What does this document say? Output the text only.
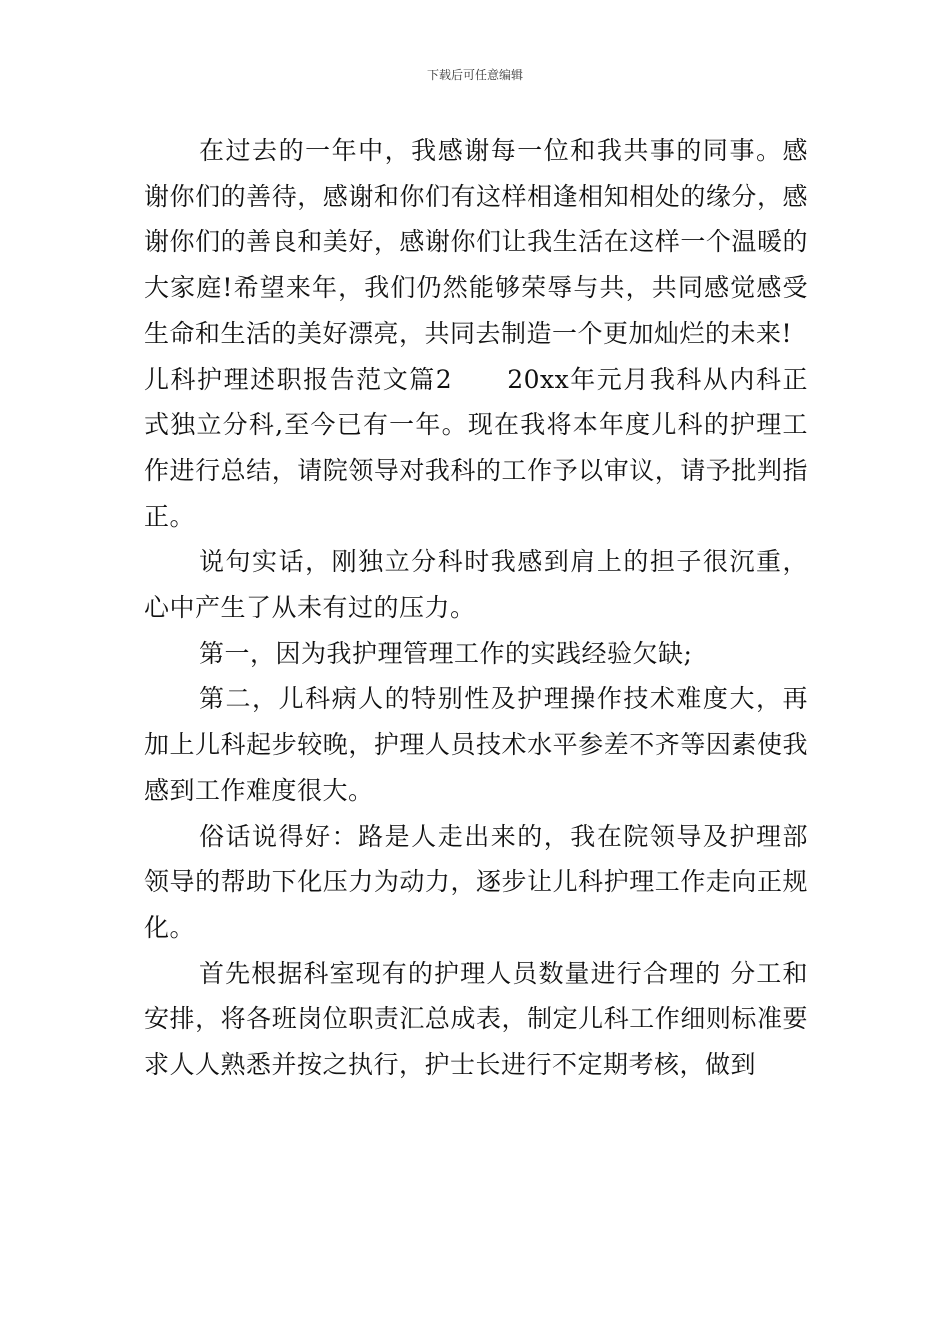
下载后可任意编辑

在过去的一年中，我感谢每一位和我共事的同事。感谢你们的善待，感谢和你们有这样相逢相知相处的缘分，感谢你们的善良和美好，感谢你们让我生活在这样一个温暖的大家庭!希望来年，我们仍然能够荣辱与共，共同感觉感受生命和生活的美好漂亮，共同去制造一个更加灿烂的未来!

儿科护理述职报告范文篇2 20xx年元月我科从内科正式独立分科,至今已有一年。现在我将本年度儿科的护理工作进行总结，请院领导对我科的工作予以审议，请予批判指正。

说句实话，刚独立分科时我感到肩上的担子很沉重，心中产生了从未有过的压力。

第一，因为我护理管理工作的实践经验欠缺;

第二，儿科病人的特别性及护理操作技术难度大，再加上儿科起步较晚，护理人员技术水平参差不齐等因素使我感到工作难度很大。

俗话说得好：路是人走出来的，我在院领导及护理部领导的帮助下化压力为动力，逐步让儿科护理工作走向正规化。

首先根据科室现有的护理人员数量进行合理的 分工和安排，将各班岗位职责汇总成表，制定儿科工作细则标准要求人人熟悉并按之执行，护士长进行不定期考核，做到
